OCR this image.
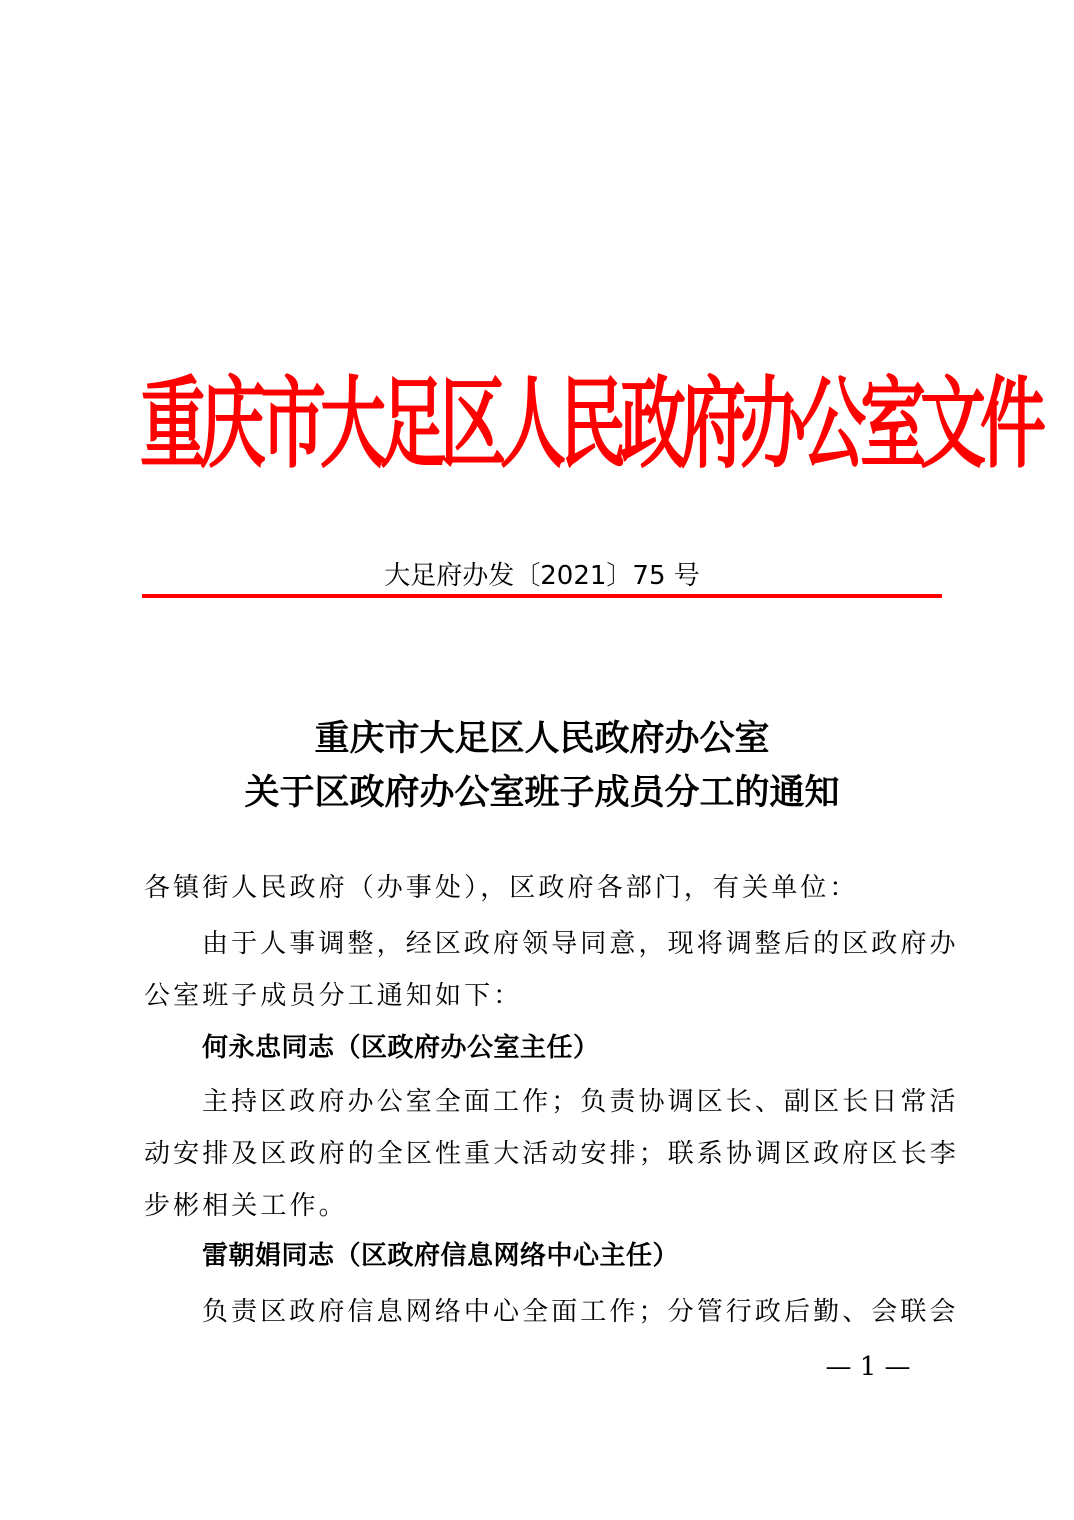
重庆市大足区人民政府办公室文件
大足府办发〔2021〕75 号
重庆市大足区人民政府办公室
关于区政府办公室班子成员分工的通知
各镇街人民政府（办事处），区政府各部门，有关单位：
由于人事调整，经区政府领导同意，现将调整后的区政府办
公室班子成员分工通知如下：
何永忠同志（区政府办公室主任）
主持区政府办公室全面工作；负责协调区长、副区长日常活
动安排及区政府的全区性重大活动安排；联系协调区政府区长李
步彬相关工作。
雷朝娟同志（区政府信息网络中心主任）
负责区政府信息网络中心全面工作；分管行政后勤、会联会
— 1 —
